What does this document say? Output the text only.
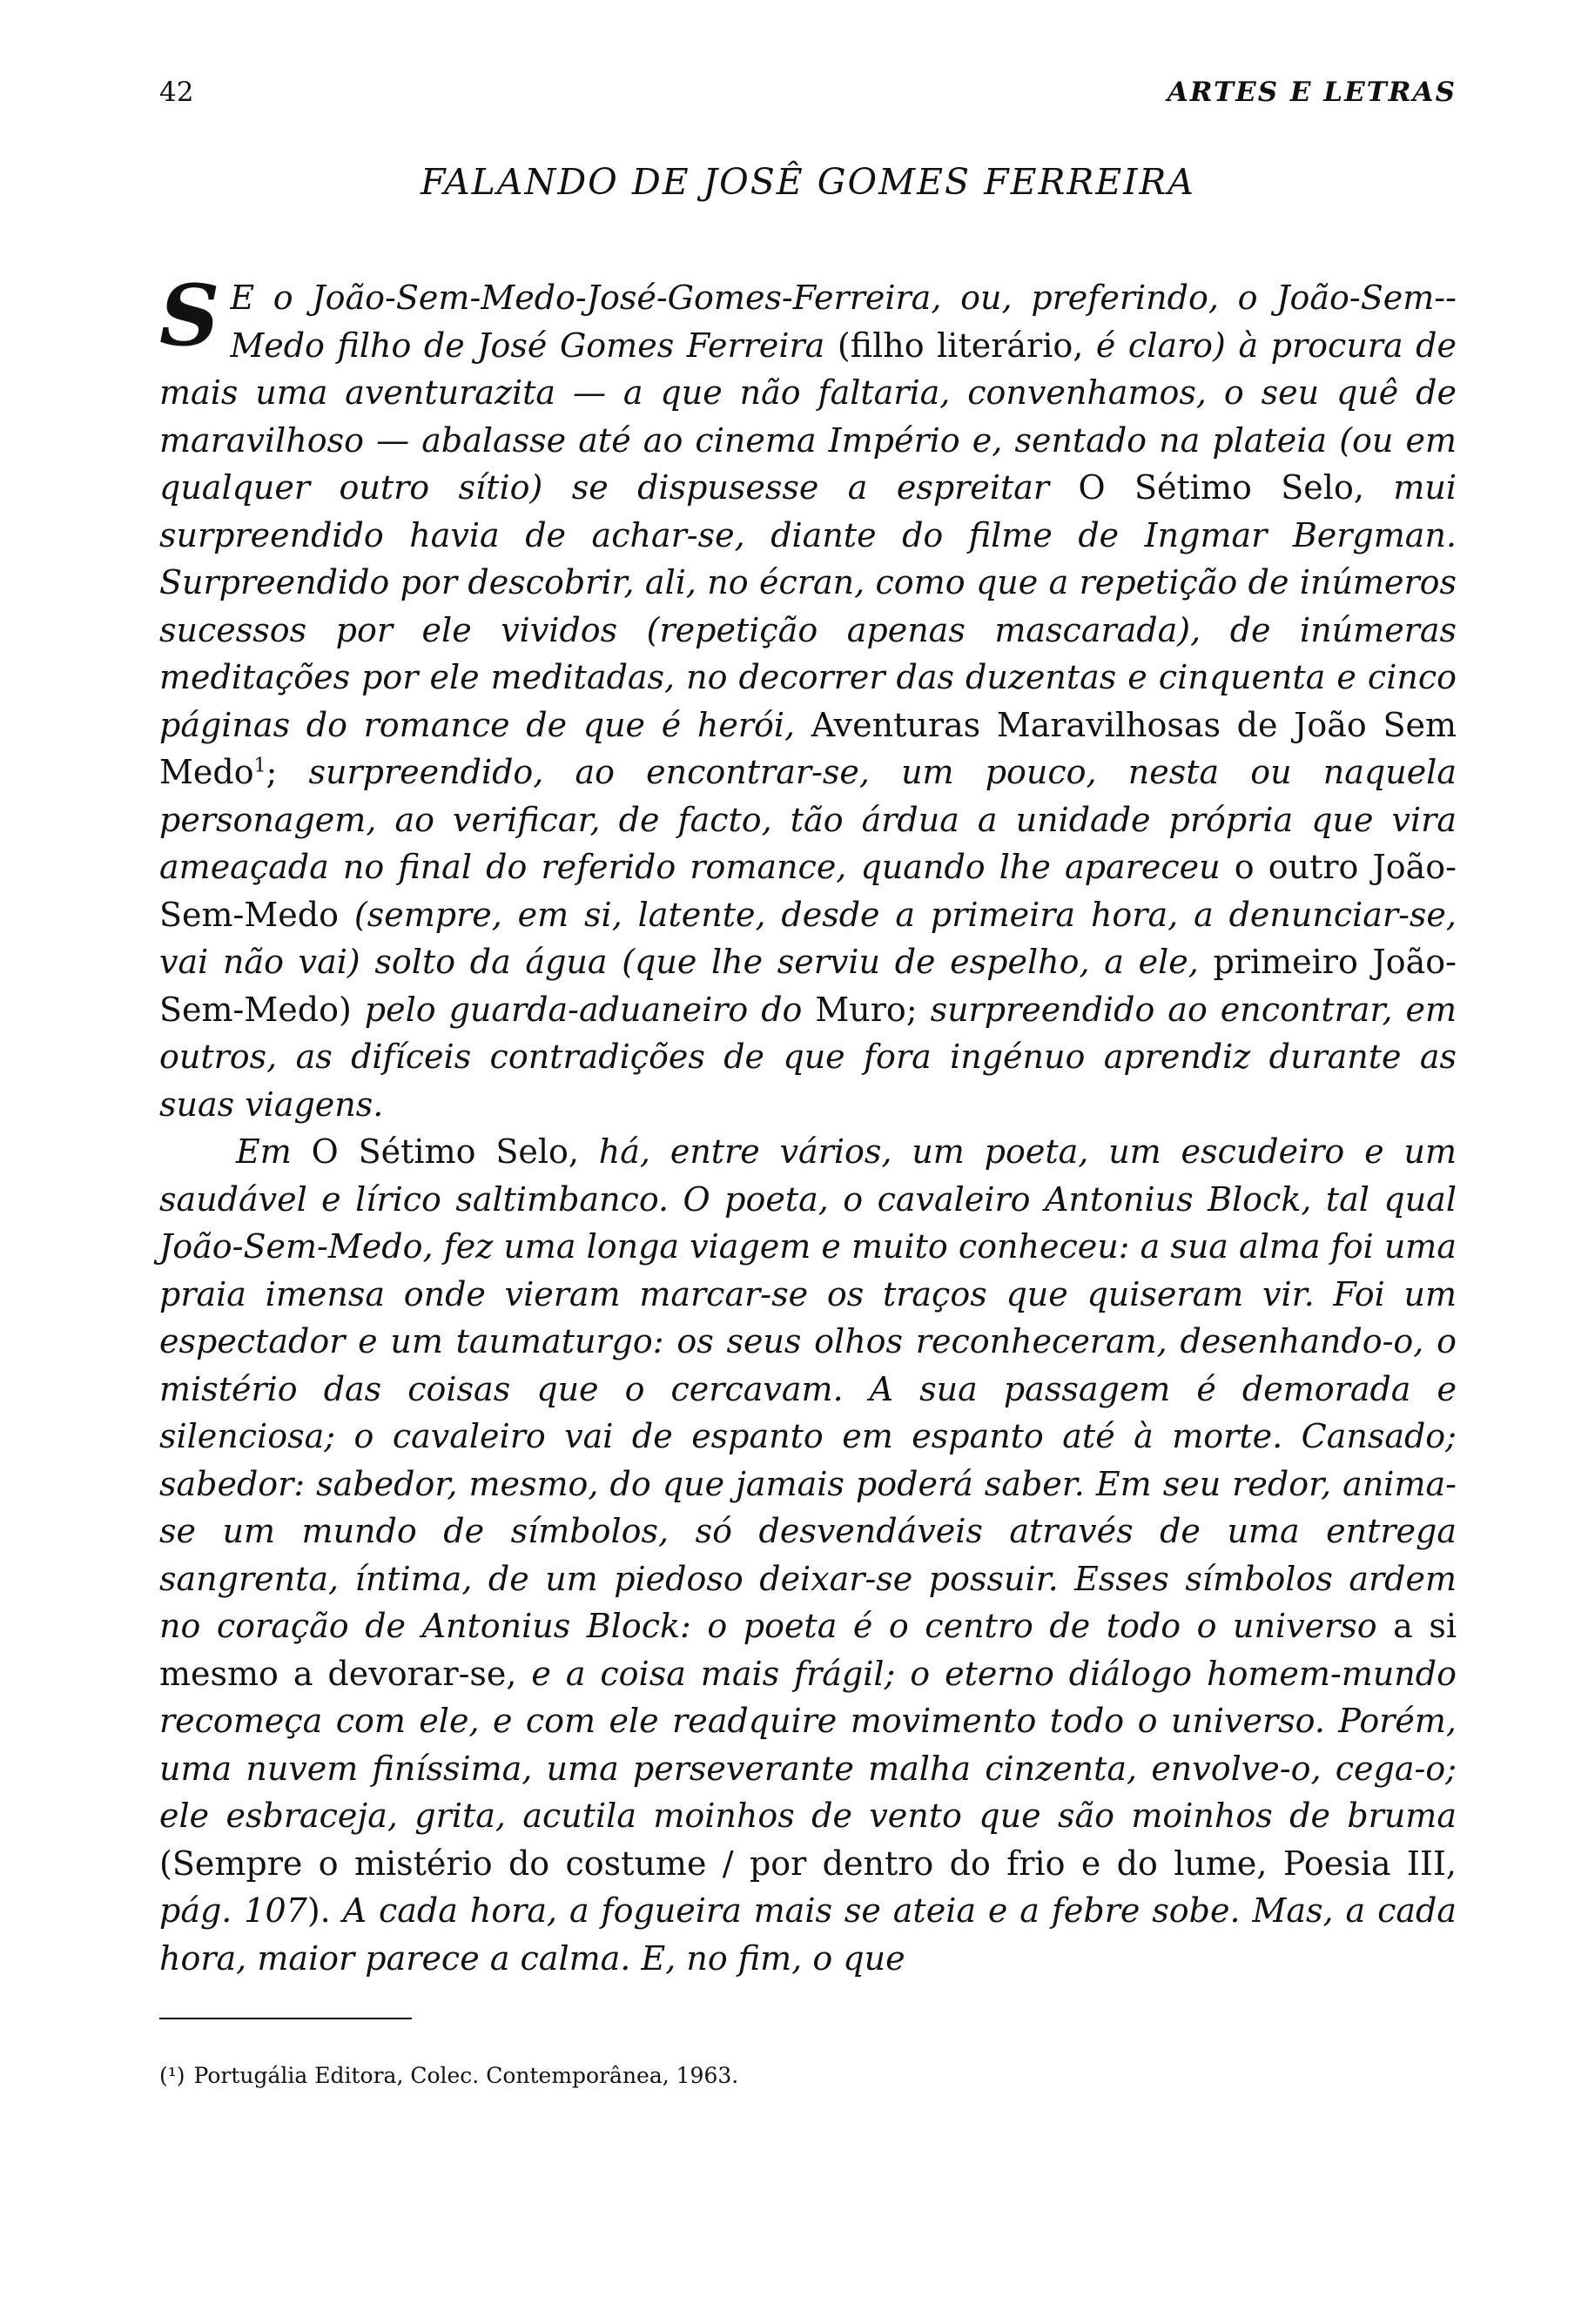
42	ARTES E LETRAS
FALANDO DE JOSÊ GOMES FERREIRA

S E o João-Sem-Medo-José-Gomes-Ferreira, ou, preferindo, o João-Sem--Medo filho de José Gomes Ferreira (filho literário, é claro) à procura de mais uma aventurazita — a que não faltaria, convenhamos, o seu quê de maravilhoso — abalasse até ao cinema Império e, sentado na plateia (ou em qualquer outro sítio) se dispusesse a espreitar O Sétimo Selo, mui surpreendido havia de achar-se, diante do filme de Ingmar Bergman. Surpreendido por descobrir, ali, no écran, como que a repetição de inúmeros sucessos por ele vividos (repetição apenas mascarada), de inúmeras meditações por ele meditadas, no decorrer das duzentas e cinquenta e cinco páginas do romance de que é herói, Aventuras Maravilhosas de João Sem Medo$^1$; surpreendido, ao encontrar-se, um pouco, nesta ou naquela personagem, ao verificar, de facto, tão árdua a unidade própria que vira ameaçada no final do referido romance, quando lhe apareceu o outro João-Sem-Medo (sempre, em si, latente, desde a primeira hora, a denunciar-se, vai não vai) solto da água (que lhe serviu de espelho, a ele, primeiro João-Sem-Medo) pelo guarda-aduaneiro do Muro; surpreendido ao encontrar, em outros, as difíceis contradições de que fora ingénuo aprendiz durante as suas viagens.

Em O Sétimo Selo, há, entre vários, um poeta, um escudeiro e um saudável e lírico saltimbanco. O poeta, o cavaleiro Antonius Block, tal qual João-Sem-Medo, fez uma longa viagem e muito conheceu: a sua alma foi uma praia imensa onde vieram marcar-se os traços que quiseram vir. Foi um espectador e um taumaturgo: os seus olhos reconheceram, desenhando-o, o mistério das coisas que o cercavam. A sua passagem é demorada e silenciosa; o cavaleiro vai de espanto em espanto até à morte. Cansado; sabedor: sabedor, mesmo, do que jamais poderá saber. Em seu redor, anima-se um mundo de símbolos, só desvendáveis através de uma entrega sangrenta, íntima, de um piedoso deixar-se possuir. Esses símbolos ardem no coração de Antonius Block: o poeta é o centro de todo o universo a si mesmo a devorar-se, e a coisa mais frágil; o eterno diálogo homem-mundo recomeça com ele, e com ele readquire movimento todo o universo. Porém, uma nuvem finíssima, uma perseverante malha cinzenta, envolve-o, cega-o; ele esbraceja, grita, acutila moinhos de vento que são moinhos de bruma (Sempre o mistério do costume / por dentro do frio e do lume, Poesia III, pág. 107). A cada hora, a fogueira mais se ateia e a febre sobe. Mas, a cada hora, maior parece a calma. E, no fim, o que

(¹) Portugália Editora, Colec. Contemporânea, 1963.
